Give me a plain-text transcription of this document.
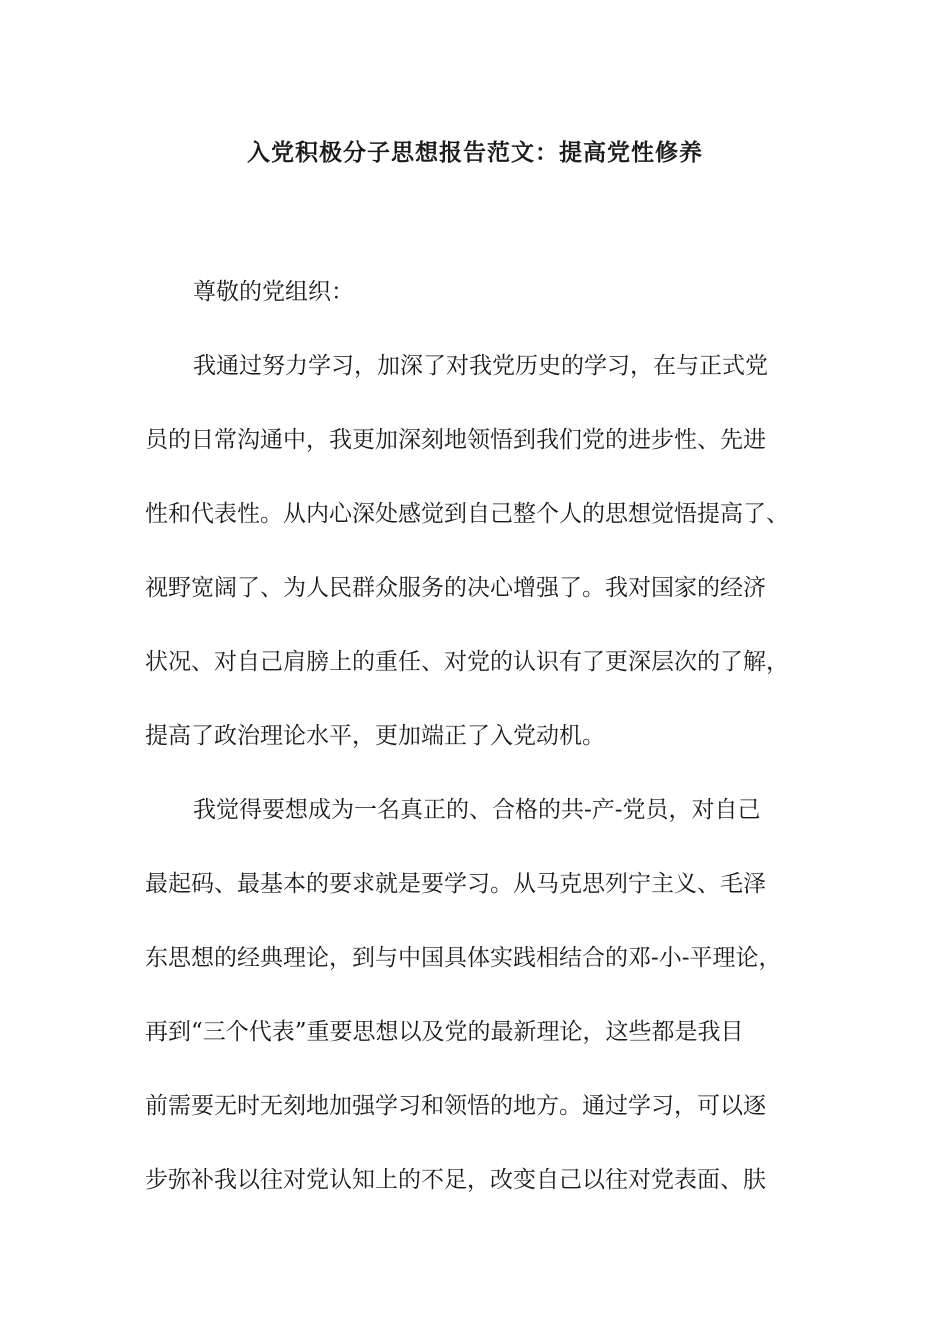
入党积极分子思想报告范文：提高党性修养
尊敬的党组织：
我通过努力学习，加深了对我党历史的学习，在与正式党
员的日常沟通中，我更加深刻地领悟到我们党的进步性、先进
性和代表性。从内心深处感觉到自己整个人的思想觉悟提高了、
视野宽阔了、为人民群众服务的决心增强了。我对国家的经济
状况、对自己肩膀上的重任、对党的认识有了更深层次的了解，
提高了政治理论水平，更加端正了入党动机。
我觉得要想成为一名真正的、合格的共-产-党员，对自己
最起码、最基本的要求就是要学习。从马克思列宁主义、毛泽
东思想的经典理论，到与中国具体实践相结合的邓-小-平理论，
再到“三个代表”重要思想以及党的最新理论，这些都是我目
前需要无时无刻地加强学习和领悟的地方。通过学习，可以逐
步弥补我以往对党认知上的不足，改变自己以往对党表面、肤
